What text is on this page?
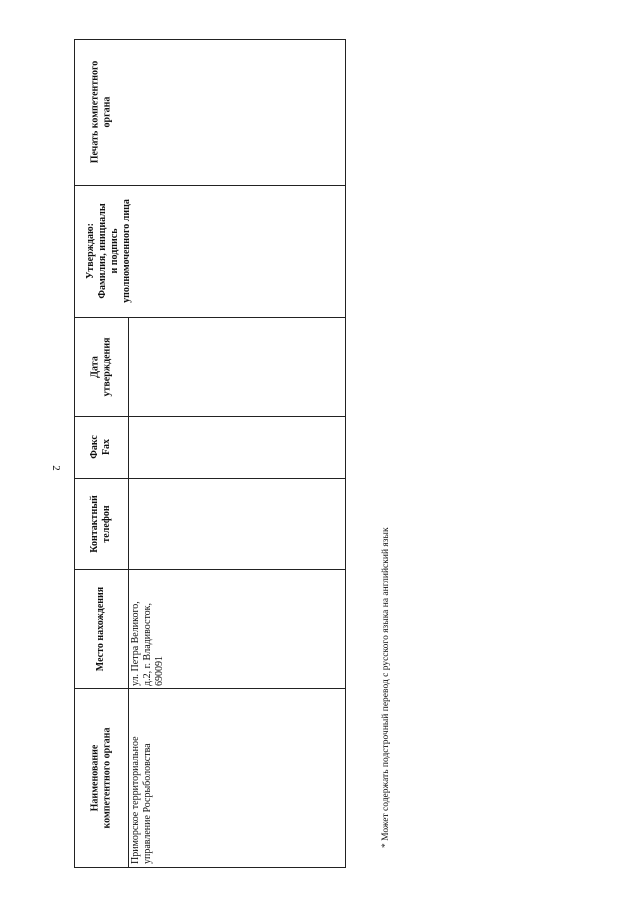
2
Печать компетентного органа
Утверждаю: Фамилия, инициалы и подпись уполномоченного лица
Дата утверждения
Факс Fax
Контактный телефон
Место нахождения
Наименование компетентного органа
ул. Петра Великого, д.2, г. Владивосток, 690091
Приморское территориальное управление Росрыболовства	* Может содержать подстрочный перевод с русского языка на английский язык
